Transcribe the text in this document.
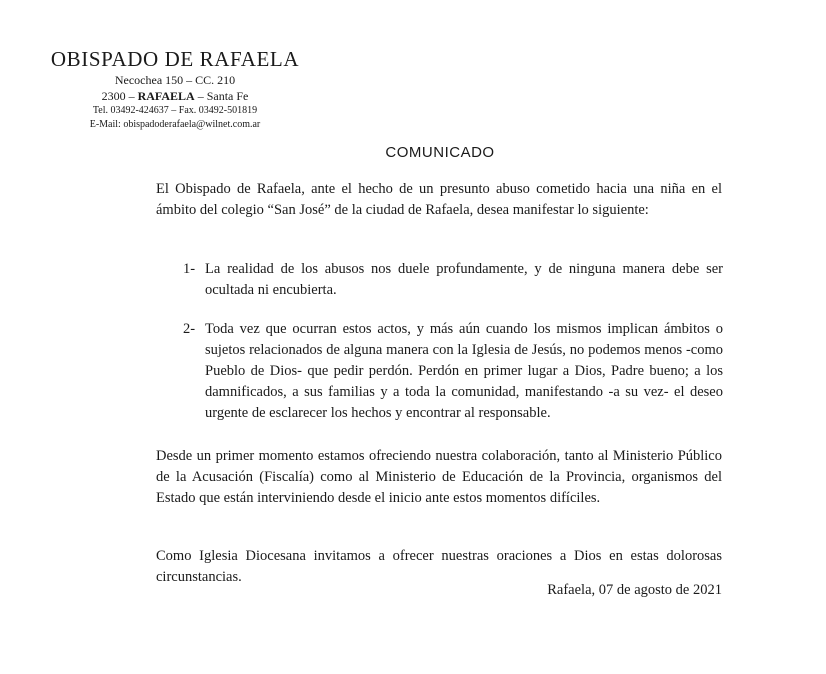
OBISPADO DE RAFAELA
Necochea 150 – CC. 210
2300 – RAFAELA – Santa Fe
Tel. 03492-424637 – Fax. 03492-501819
E-Mail: obispadoderafaela@wilnet.com.ar
COMUNICADO

El Obispado de Rafaela, ante el hecho de un presunto abuso cometido hacia una niña en el ámbito del colegio “San José” de la ciudad de Rafaela, desea manifestar lo siguiente:

1- La realidad de los abusos nos duele profundamente, y de ninguna manera debe ser ocultada ni encubierta.
2- Toda vez que ocurran estos actos, y más aún cuando los mismos implican ámbitos o sujetos relacionados de alguna manera con la Iglesia de Jesús, no podemos menos -como Pueblo de Dios- que pedir perdón. Perdón en primer lugar a Dios, Padre bueno; a los damnificados, a sus familias y a toda la comunidad, manifestando -a su vez- el deseo urgente de esclarecer los hechos y encontrar al responsable.

Desde un primer momento estamos ofreciendo nuestra colaboración, tanto al Ministerio Público de la Acusación (Fiscalía) como al Ministerio de Educación de la Provincia, organismos del Estado que están interviniendo desde el inicio ante estos momentos difíciles.

Como Iglesia Diocesana invitamos a ofrecer nuestras oraciones a Dios en estas dolorosas circunstancias.

Rafaela, 07 de agosto de 2021
